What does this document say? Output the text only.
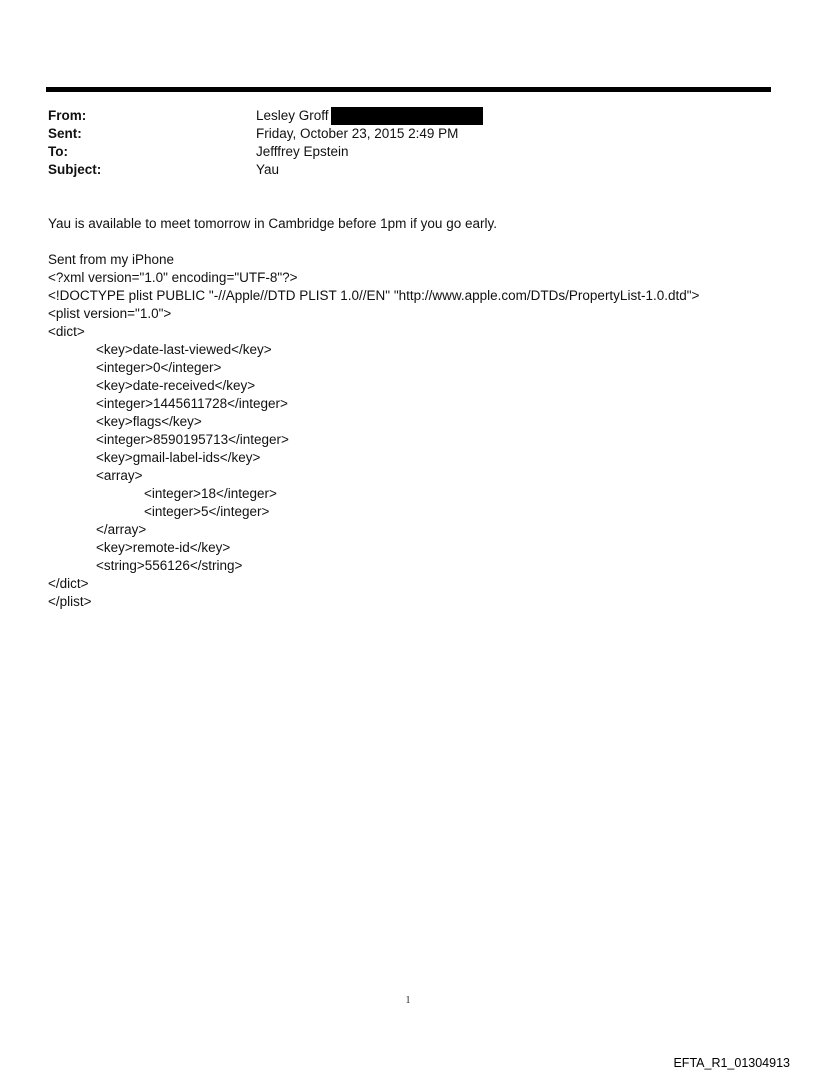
From:	Lesley Groff
Sent:	Friday, October 23, 2015 2:49 PM
To:	Jefffrey Epstein
Subject:	Yau
Yau is available to meet tomorrow in Cambridge before 1pm if you go early.
Sent from my iPhone
<?xml version="1.0" encoding="UTF-8"?>
<!DOCTYPE plist PUBLIC "-//Apple//DTD PLIST 1.0//EN" "http://www.apple.com/DTDs/PropertyList-1.0.dtd">
<plist version="1.0">
<dict>
<key>date-last-viewed</key>
<integer>0</integer>
<key>date-received</key>
<integer>1445611728</integer>
<key>flags</key>
<integer>8590195713</integer>
<key>gmail-label-ids</key>
<array>
<integer>18</integer>
<integer>5</integer>
</array>
<key>remote-id</key>
<string>556126</string>
</dict>
</plist>
1
EFTA_R1_01304913
